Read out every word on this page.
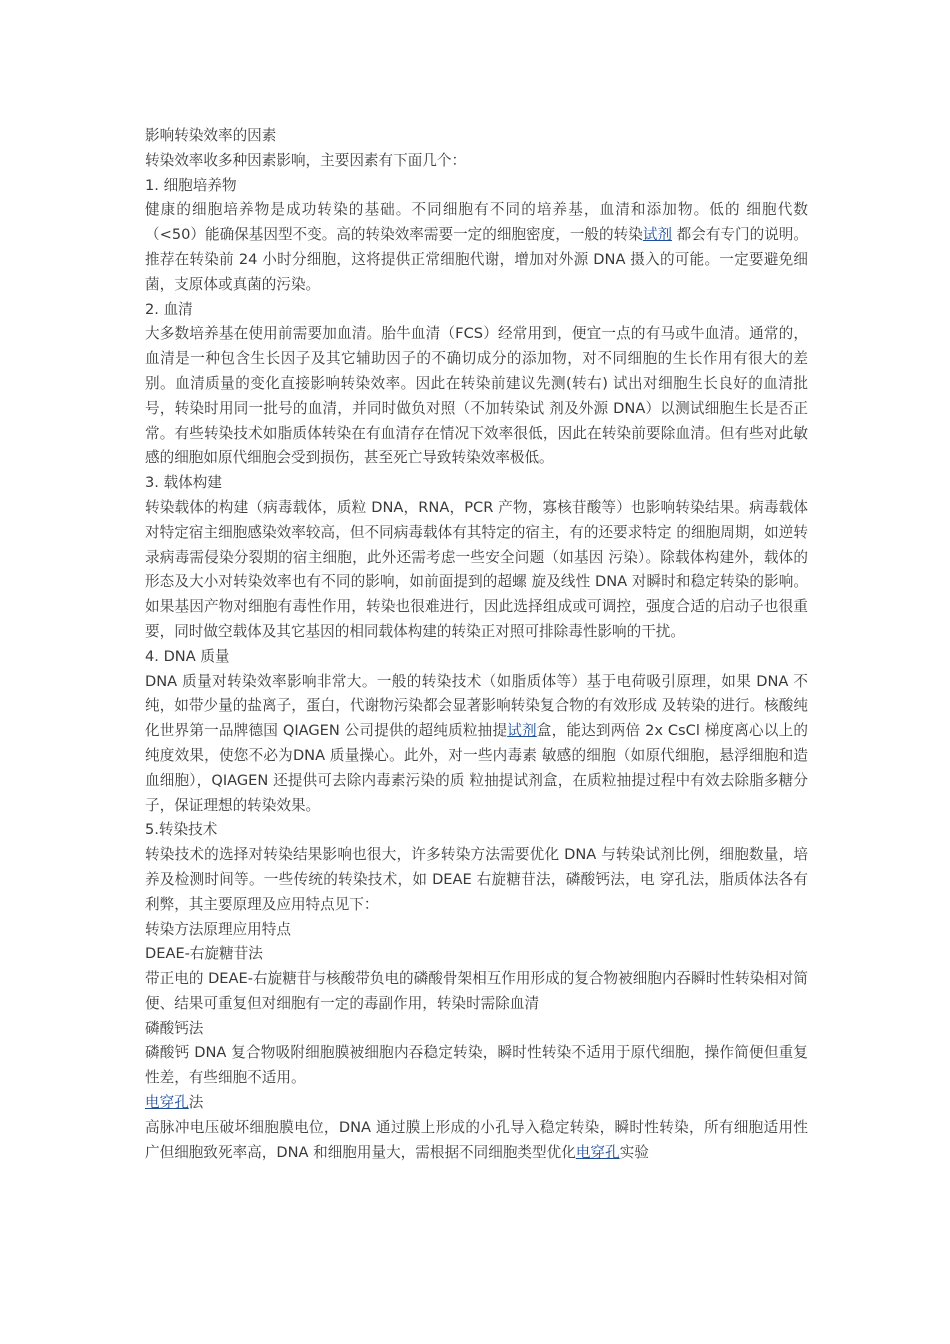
影响转染效率的因素

转染效率收多种因素影响，主要因素有下面几个：

1. 细胞培养物

健康的细胞培养物是成功转染的基础。不同细胞有不同的培养基，血清和添加物。低的 细胞代数（<50）能确保基因型不变。高的转染效率需要一定的细胞密度，一般的转染试剂 都会有专门的说明。推荐在转染前 24 小时分细胞，这将提供正常细胞代谢，增加对外源 DNA 摄入的可能。一定要避免细菌，支原体或真菌的污染。

2. 血清

大多数培养基在使用前需要加血清。胎牛血清（FCS）经常用到，便宜一点的有马或牛血清。通常的，血清是一种包含生长因子及其它辅助因子的不确切成分的添加物，对不同细胞的生长作用有很大的差别。血清质量的变化直接影响转染效率。因此在转染前建议先测(转右) 试出对细胞生长良好的血清批号，转染时用同一批号的血清，并同时做负对照（不加转染试 剂及外源 DNA）以测试细胞生长是否正常。有些转染技术如脂质体转染在有血清存在情况下效率很低，因此在转染前要除血清。但有些对此敏感的细胞如原代细胞会受到损伤，甚至死亡导致转染效率极低。

3. 载体构建

转染载体的构建（病毒载体，质粒 DNA，RNA，PCR 产物，寡核苷酸等）也影响转染结果。病毒载体对特定宿主细胞感染效率较高，但不同病毒载体有其特定的宿主，有的还要求特定 的细胞周期，如逆转录病毒需侵染分裂期的宿主细胞，此外还需考虑一些安全问题（如基因 污染）。除载体构建外，载体的形态及大小对转染效率也有不同的影响，如前面提到的超螺 旋及线性 DNA 对瞬时和稳定转染的影响。如果基因产物对细胞有毒性作用，转染也很难进行，因此选择组成或可调控，强度合适的启动子也很重要，同时做空载体及其它基因的相同载体构建的转染正对照可排除毒性影响的干扰。

4. DNA 质量

DNA 质量对转染效率影响非常大。一般的转染技术（如脂质体等）基于电荷吸引原理，如果 DNA 不纯，如带少量的盐离子，蛋白，代谢物污染都会显著影响转染复合物的有效形成 及转染的进行。核酸纯化世界第一品牌德国 QIAGEN 公司提供的超纯质粒抽提试剂盒，能达到两倍 2x CsCl 梯度离心以上的纯度效果，使您不必为DNA 质量操心。此外，对一些内毒素 敏感的细胞（如原代细胞，悬浮细胞和造血细胞），QIAGEN 还提供可去除内毒素污染的质 粒抽提试剂盒，在质粒抽提过程中有效去除脂多糖分子，保证理想的转染效果。

5.转染技术

转染技术的选择对转染结果影响也很大，许多转染方法需要优化 DNA 与转染试剂比例，细胞数量，培养及检测时间等。一些传统的转染技术，如 DEAE 右旋糖苷法，磷酸钙法，电 穿孔法，脂质体法各有利弊，其主要原理及应用特点见下：

转染方法原理应用特点

DEAE-右旋糖苷法

带正电的 DEAE-右旋糖苷与核酸带负电的磷酸骨架相互作用形成的复合物被细胞内吞瞬时性转染相对简便、结果可重复但对细胞有一定的毒副作用，转染时需除血清

磷酸钙法

磷酸钙 DNA 复合物吸附细胞膜被细胞内吞稳定转染，瞬时性转染不适用于原代细胞，操作简便但重复性差，有些细胞不适用。

电穿孔法

高脉冲电压破坏细胞膜电位，DNA 通过膜上形成的小孔导入稳定转染，瞬时性转染，所有细胞适用性广但细胞致死率高，DNA 和细胞用量大，需根据不同细胞类型优化电穿孔实验
